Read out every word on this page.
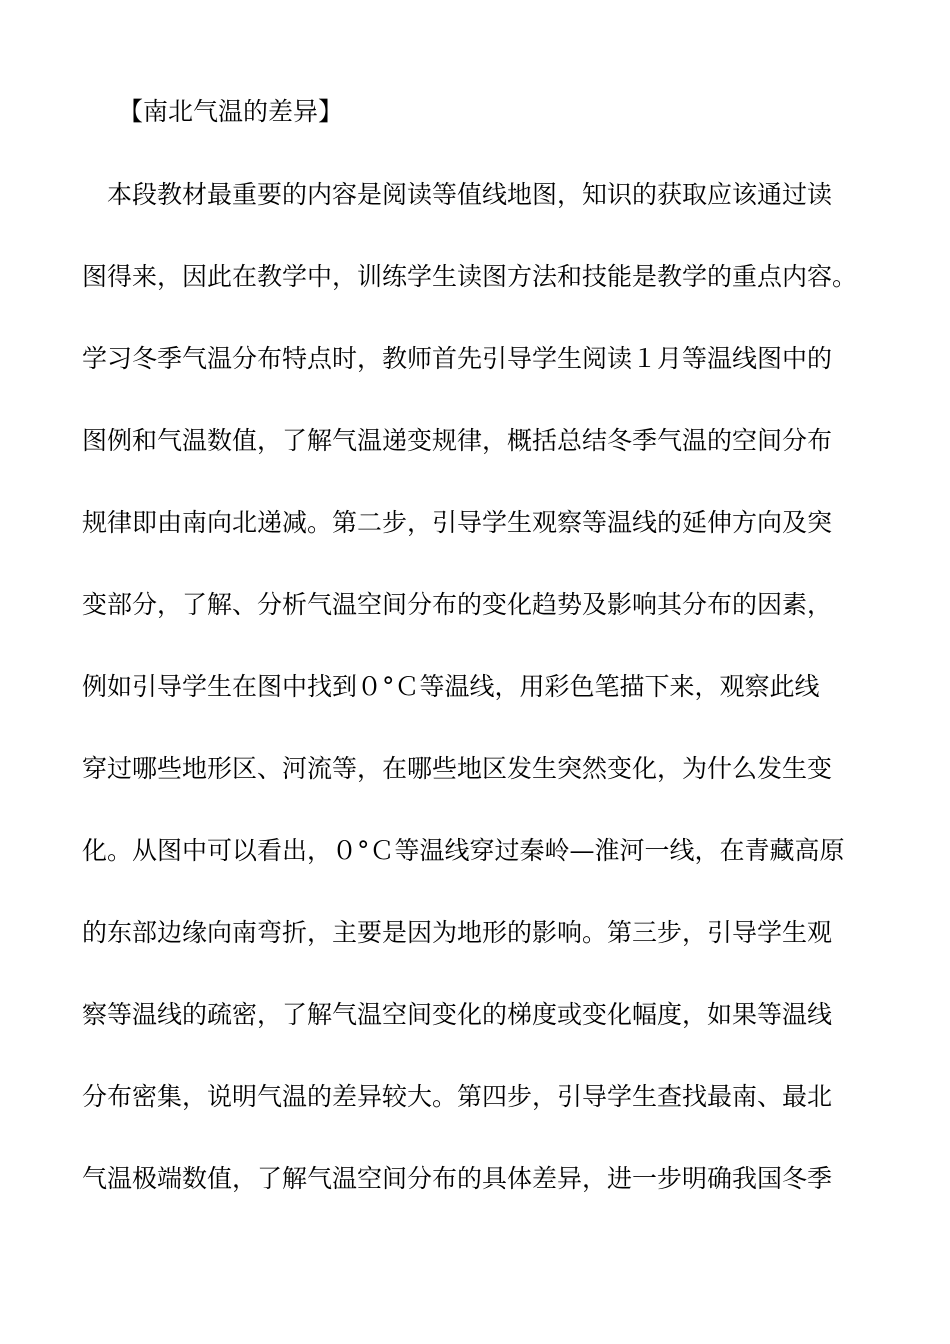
【南北气温的差异】
　本段教材最重要的内容是阅读等值线地图，知识的获取应该通过读
图得来，因此在教学中，训练学生读图方法和技能是教学的重点内容。
学习冬季气温分布特点时，教师首先引导学生阅读１月等温线图中的
图例和气温数值，了解气温递变规律，概括总结冬季气温的空间分布
规律即由南向北递减。第二步，引导学生观察等温线的延伸方向及突
变部分，了解、分析气温空间分布的变化趋势及影响其分布的因素，
例如引导学生在图中找到０°Ｃ等温线，用彩色笔描下来，观察此线
穿过哪些地形区、河流等，在哪些地区发生突然变化，为什么发生变
化。从图中可以看出，０°Ｃ等温线穿过秦岭—淮河一线，在青藏高原
的东部边缘向南弯折，主要是因为地形的影响。第三步，引导学生观
察等温线的疏密，了解气温空间变化的梯度或变化幅度，如果等温线
分布密集，说明气温的差异较大。第四步，引导学生查找最南、最北
气温极端数值，了解气温空间分布的具体差异，进一步明确我国冬季
